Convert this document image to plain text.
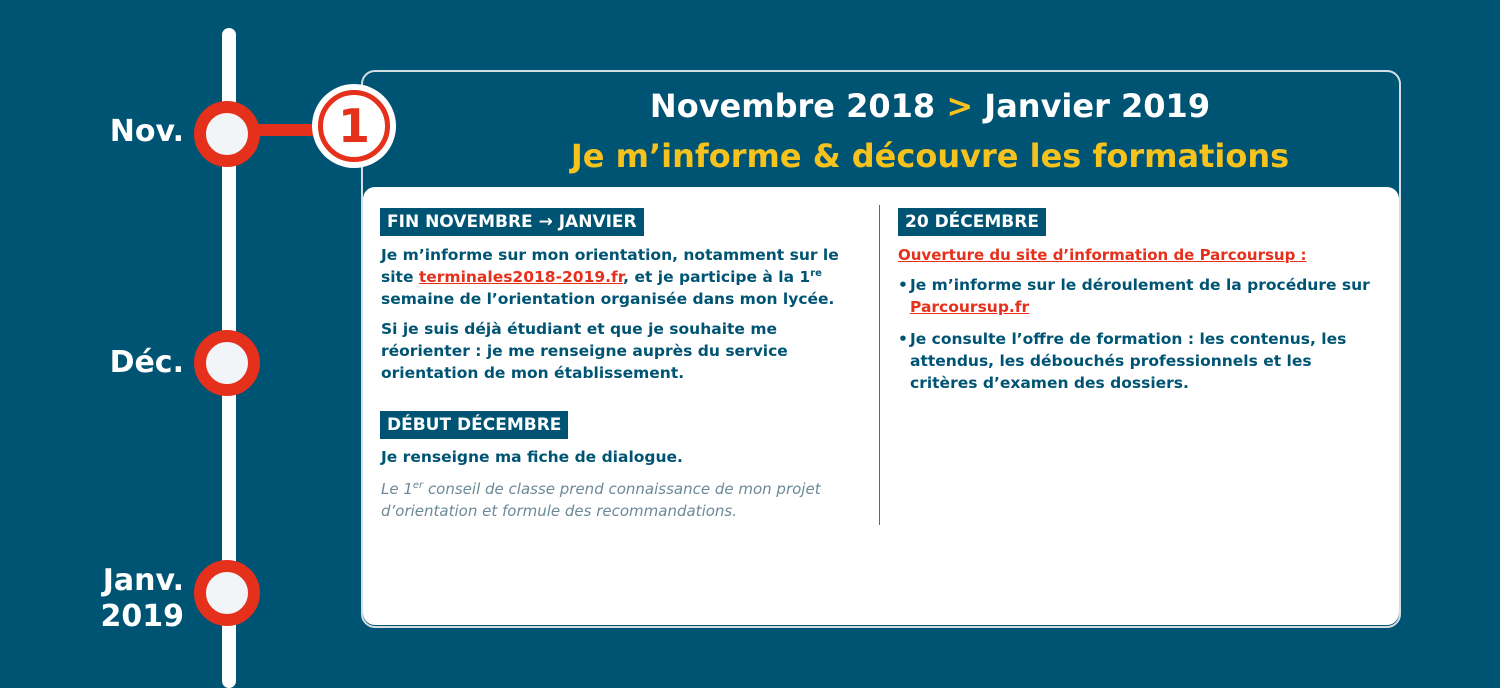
Nov.
Déc.
Janv.
2019
1	Novembre 2018 > Janvier 2019
Je m’informe & découvre les formations
FIN NOVEMBRE → JANVIER
Je m’informe sur mon orientation, notamment sur le site terminales2018-2019.fr, et je participe à la 1re semaine de l’orientation organisée dans mon lycée.
Si je suis déjà étudiant et que je souhaite me réorienter : je me renseigne auprès du service orientation de mon établissement.
DÉBUT DÉCEMBRE
Je renseigne ma fiche de dialogue.
Le 1er conseil de classe prend connaissance de mon projet d’orientation et formule des recommandations.
20 DÉCEMBRE
Ouverture du site d’information de Parcoursup :
• Je m’informe sur le déroulement de la procédure sur Parcoursup.fr
• Je consulte l’offre de formation : les contenus, les attendus, les débouchés professionnels et les critères d’examen des dossiers.
